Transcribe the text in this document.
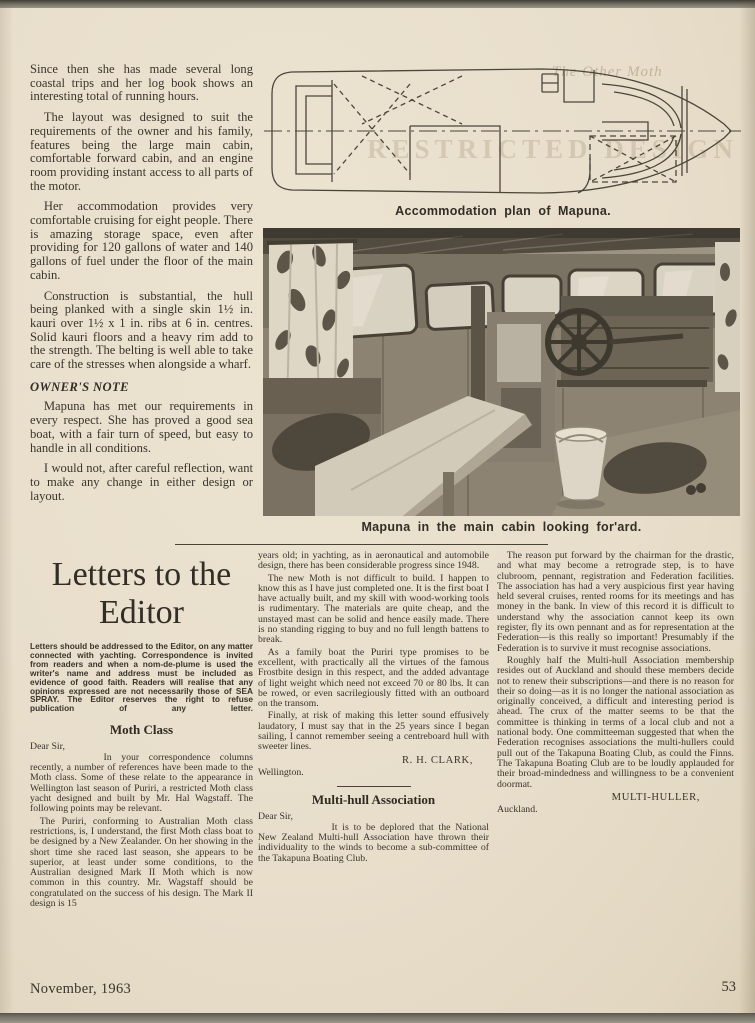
Since then she has made several long coastal trips and her log book shows an interesting total of running hours.

The layout was designed to suit the requirements of the owner and his family, features being the large main cabin, comfortable forward cabin, and an engine room providing instant access to all parts of the motor.

Her accommodation provides very comfortable cruising for eight people. There is amazing storage space, even after providing for 120 gallons of water and 140 gallons of fuel under the floor of the main cabin.

Construction is substantial, the hull being planked with a single skin 1½ in. kauri over 1½ x 1 in. ribs at 6 in. centres. Solid kauri floors and a heavy rim add to the strength. The belting is well able to take care of the stresses when alongside a wharf.

OWNER'S NOTE

Mapuna has met our requirements in every respect. She has proved a good sea boat, with a fair turn of speed, but easy to handle in all conditions.

I would not, after careful reflection, want to make any change in either design or layout.

The Other Moth
RESTRICTED DESIGN
Accommodation plan of Mapuna.
Mapuna in the main cabin looking for'ard.
Letters to the
Editor
Letters should be addressed to the Editor, on any matter connected with yachting. Correspondence is invited from readers and when a nom-de-plume is used the writer's name and address must be included as evidence of good faith. Readers will realise that any opinions expressed are not necessarily those of SEA SPRAY. The Editor reserves the right to refuse publication of any letter.
Moth Class

Dear Sir,

In your correspondence columns recently, a number of references have been made to the Moth class. Some of these relate to the appearance in Wellington last season of Puriri, a restricted Moth class yacht designed and built by Mr. Hal Wagstaff. The following points may be relevant.

The Puriri, conforming to Australian Moth class restrictions, is, I understand, the first Moth class boat to be designed by a New Zealander. On her showing in the short time she raced last season, she appears to be superior, at least under some conditions, to the Australian designed Mark II Moth which is now common in this country. Mr. Wagstaff should be congratulated on the success of his design. The Mark II design is 15

years old; in yachting, as in aeronautical and automobile design, there has been considerable progress since 1948.

The new Moth is not difficult to build. I happen to know this as I have just completed one. It is the first boat I have actually built, and my skill with wood-working tools is rudimentary. The materials are quite cheap, and the unstayed mast can be solid and hence easily made. There is no standing rigging to buy and no full length battens to break.

As a family boat the Puriri type promises to be excellent, with practically all the virtues of the famous Frostbite design in this respect, and the added advantage of light weight which need not exceed 70 or 80 lbs. It can be rowed, or even sacrilegiously fitted with an outboard on the transom.

Finally, at risk of making this letter sound effusively laudatory, I must say that in the 25 years since I began sailing, I cannot remember seeing a centreboard hull with sweeter lines.

R. H. CLARK,

Wellington.

Multi-hull Association

Dear Sir,

It is to be deplored that the National New Zealand Multi-hull Association have thrown their individuality to the winds to become a sub-committee of the Takapuna Boating Club.

The reason put forward by the chairman for the drastic, and what may become a retrograde step, is to have clubroom, pennant, registration and Federation facilities. The association has had a very auspicious first year having held several cruises, rented rooms for its meetings and has money in the bank. In view of this record it is difficult to understand why the association cannot keep its own register, fly its own pennant and as for representation at the Federation—is this really so important! Presumably if the Federation is to survive it must recognise associations.

Roughly half the Multi-hull Association membership resides out of Auckland and should these members decide not to renew their subscriptions—and there is no reason for their so doing—as it is no longer the national association as originally conceived, a difficult and interesting period is ahead. The crux of the matter seems to be that the committee is thinking in terms of a local club and not a national body. One committeeman suggested that when the Federation recognises associations the multi-hullers could pull out of the Takapuna Boating Club, as could the Finns. The Takapuna Boating Club are to be loudly applauded for their broad-mindedness and willingness to be a convenient doormat.

MULTI-HULLER,

Auckland.

November, 1963	53
